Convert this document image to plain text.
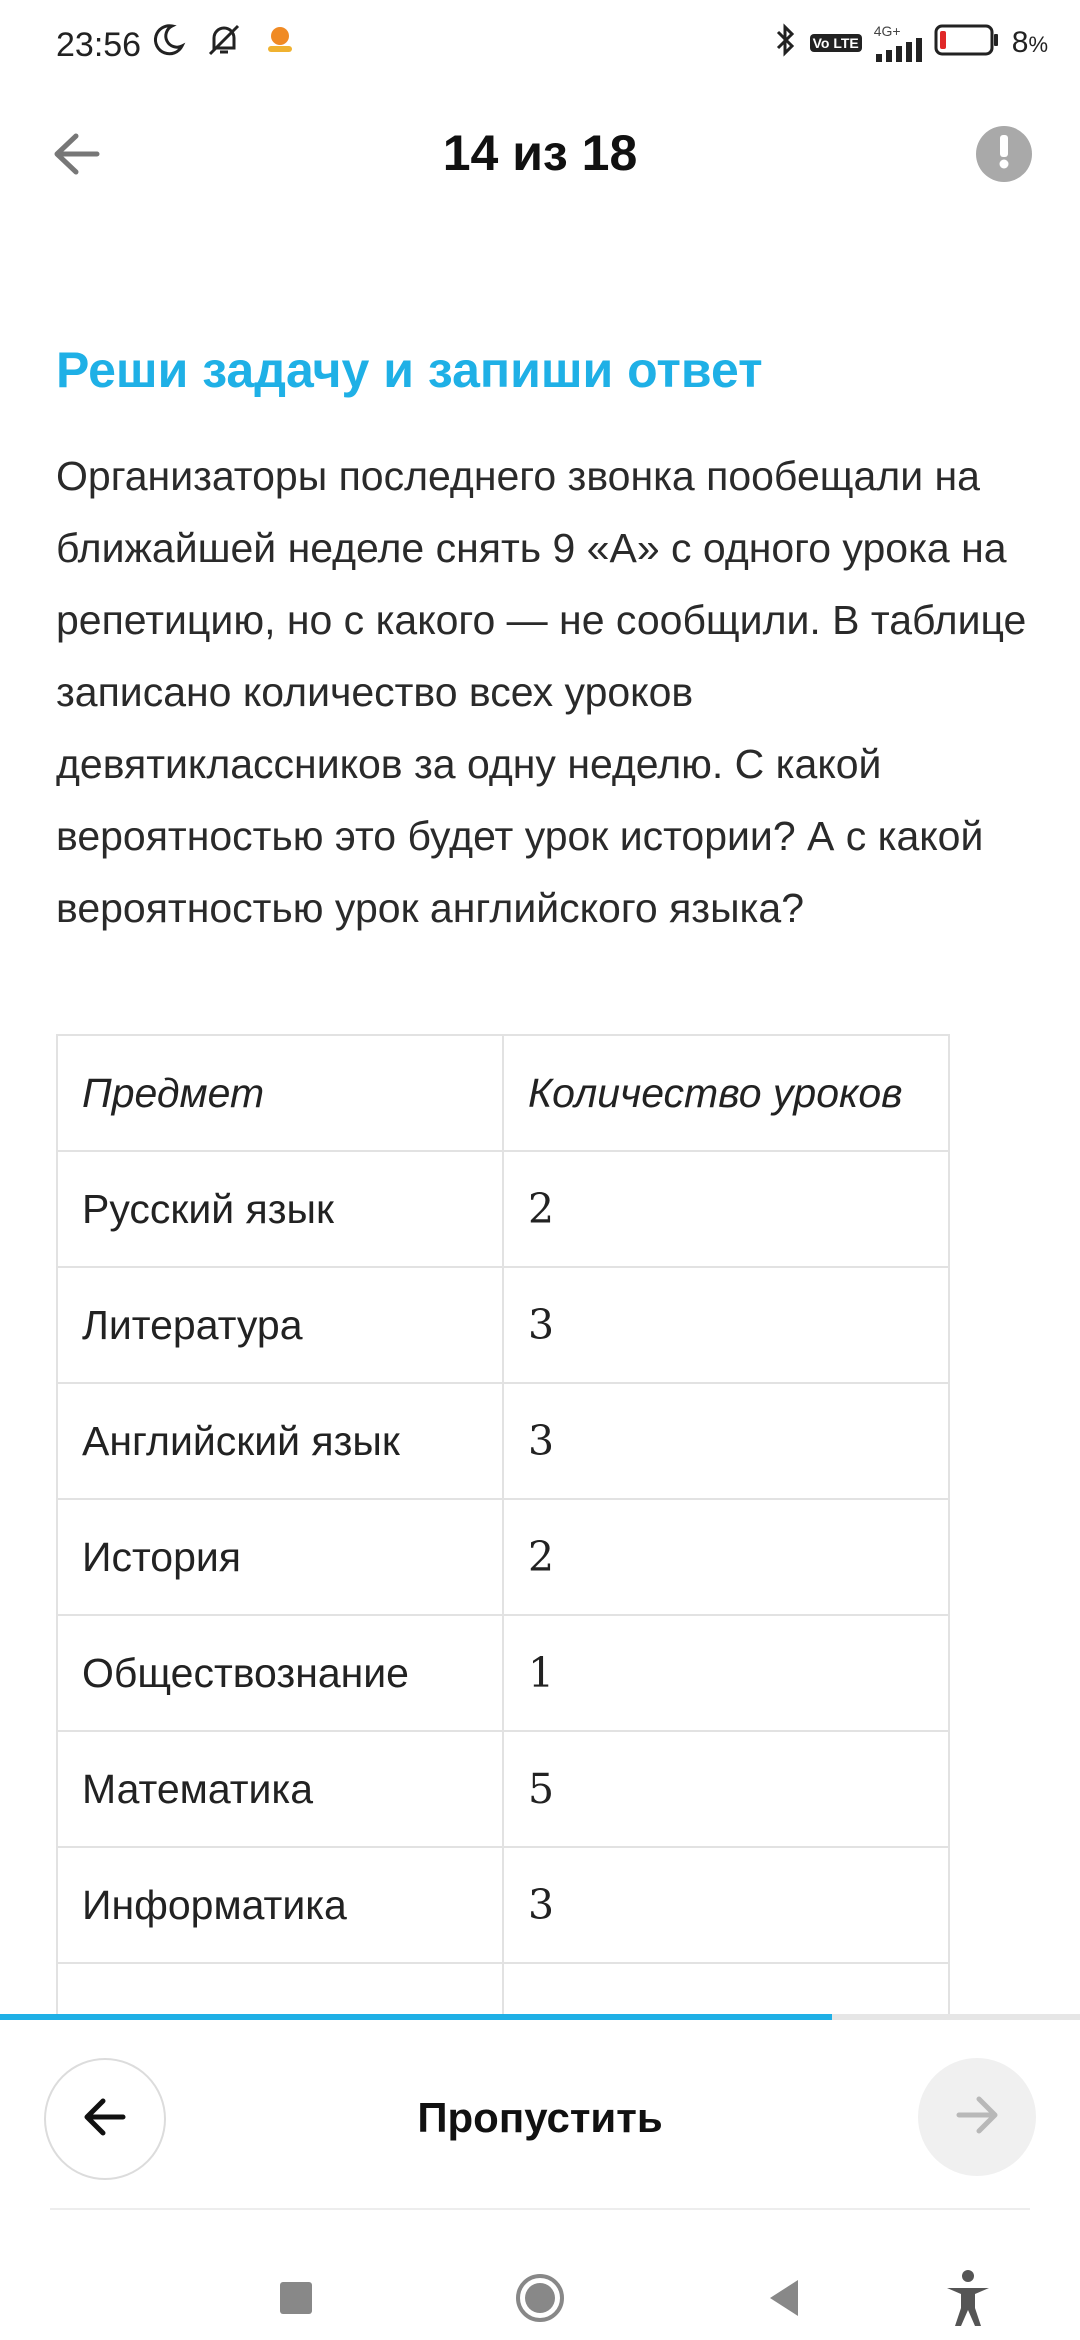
23:56	Vo LTE
4G+	8%
14 из 18
Реши задачу и запиши ответ

Организаторы последнего звонка пообещали на ближайшей неделе снять 9 «А» с одного урока на репетицию, но с какого — не сообщили. В таблице записано количество всех уроков девятиклассников за одну неделю. С какой вероятностью это будет урок истории? А с какой вероятностью урок английского языка?

Предмет	Количество уроков
Русский язык	2
Литература	3
Английский язык	3
История	2
Обществознание	1
Математика	5
Информатика	3

Пропустить
